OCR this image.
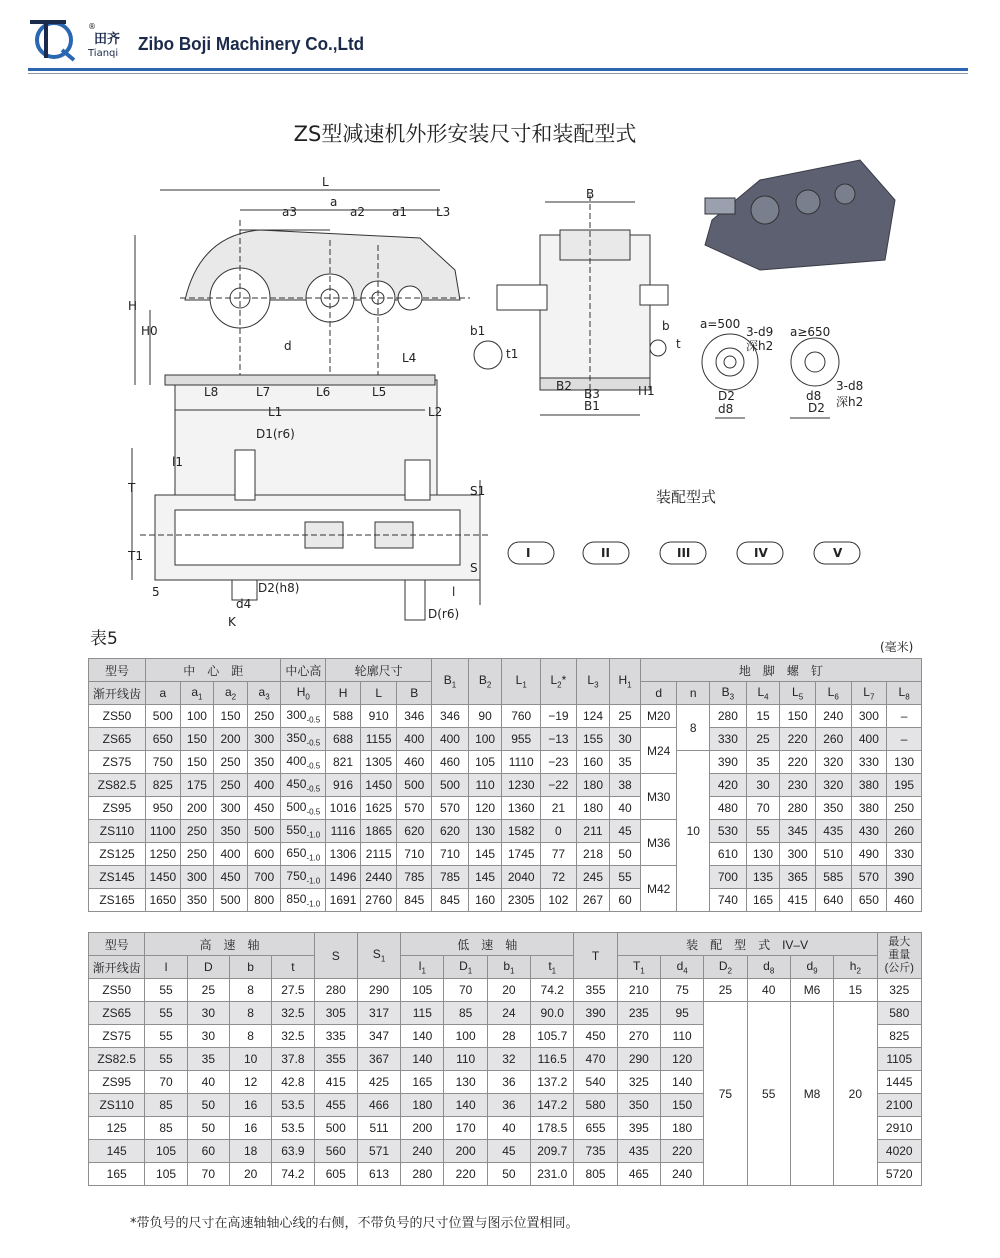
®
田齐
Tianqi Zibo Boji Machinery Co.,Ltd
ZS型减速机外形安装尺寸和装配型式
L
a
a3	a2 a1 L3
H
H0
d
L4
L8	L7	L6	L5
L1	L2
B
b
t
b1
t1
B2
B1
B3	H1
a=500
3-d9
深h2
D2
d8
a≥650
3-d8
D2
d8 深h2
D1(r6)
l1
T
T1
S1
S
5	D2(h8)
d4
K
l
D(r6)
I	II	III	IV	V
装配型式
表5	(毫米)
型号	中　心　距				中心高	轮廓尺寸			$B_1$	$B_2$	$L_1$	$L_2*$	$L_3$	$H_1$	地　脚　螺　钉							
渐开线齿	a	$a_1$	$a_2$	$a_3$	$H_0$	H	L	B							d	n	$B_3$	$L_4$	$L_5$	$L_6$	$L_7$	$L_8$
ZS50	500	100	150	250	$300_{-0.5}$	588	910	346	346	90	760	−19	124	25	M20	8	280	15	150	240	300	–
ZS65	650	150	200	300	$350_{-0.5}$	688	1155	400	400	100	955	−13	155	30	M24		330	25	220	260	400	–
ZS75	750	150	250	350	$400_{-0.5}$	821	1305	460	460	105	1110	−23	160	35		10	390	35	220	320	330	130
ZS82.5	825	175	250	400	$450_{-0.5}$	916	1450	500	500	110	1230	−22	180	38	M30		420	30	230	320	380	195
ZS95	950	200	300	450	$500_{-0.5}$	1016	1625	570	570	120	1360	21	180	40			480	70	280	350	380	250
ZS110	1100	250	350	500	$550_{-1.0}$	1116	1865	620	620	130	1582	0	211	45	M36		530	55	345	435	430	260
ZS125	1250	250	400	600	$650_{-1.0}$	1306	2115	710	710	145	1745	77	218	50			610	130	300	510	490	330
ZS145	1450	300	450	700	$750_{-1.0}$	1496	2440	785	785	145	2040	72	245	55	M42		700	135	365	585	570	390
ZS165	1650	350	500	800	$850_{-1.0}$	1691	2760	845	845	160	2305	102	267	60			740	165	415	640	650	460
型号	高　速　轴				S	$S_1$	低　速　轴				T	装　配　型　式　IV–V						最大
重量
(公斤)

渐开线齿	l	D	b	t			$l_1$	$D_1$	$b_1$	$t_1$		$T_1$	$d_4$	$D_2$	$d_8$	$d_9$	$h_2$
ZS50	55	25	8	27.5	280	290	105	70	20	74.2	355	210	75	25	40	M6	15	325
ZS65	55	30	8	32.5	305	317	115	85	24	90.0	390	235	95	75	55	M8	20	580
ZS75	55	30	8	32.5	335	347	140	100	28	105.7	450	270	110					825
ZS82.5	55	35	10	37.8	355	367	140	110	32	116.5	470	290	120					1105
ZS95	70	40	12	42.8	415	425	165	130	36	137.2	540	325	140					1445
ZS110	85	50	16	53.5	455	466	180	140	36	147.2	580	350	150					2100
125	85	50	16	53.5	500	511	200	170	40	178.5	655	395	180					2910
145	105	60	18	63.9	560	571	240	200	45	209.7	735	435	220					4020
165	105	70	20	74.2	605	613	280	220	50	231.0	805	465	240					5720
*带负号的尺寸在高速轴轴心线的右侧，不带负号的尺寸位置与图示位置相同。
